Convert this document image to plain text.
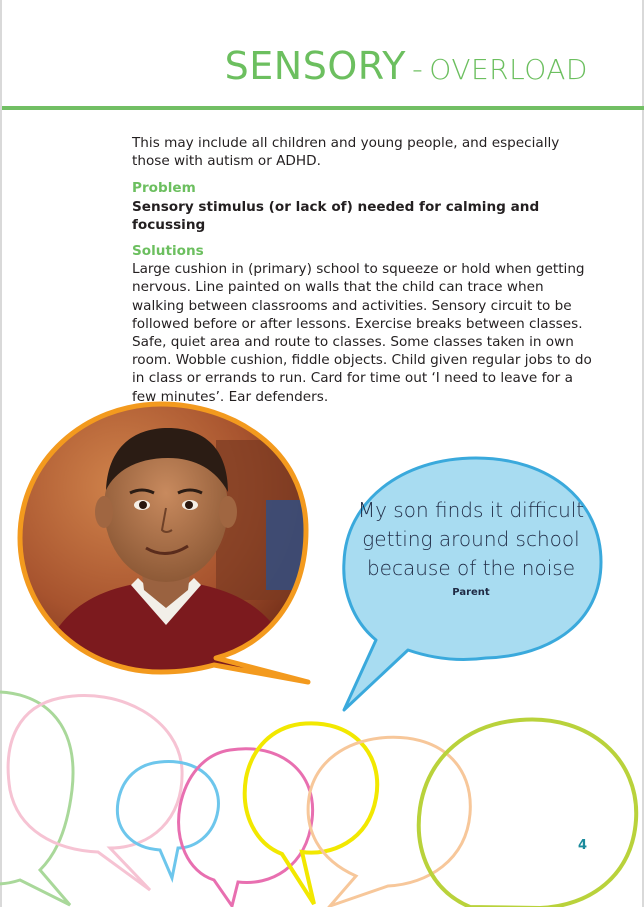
SENSORY - OVERLOAD

This may include all children and young people, and especially those with autism or ADHD.

Problem

Sensory stimulus (or lack of) needed for calming and focussing

Solutions

Large cushion in (primary) school to squeeze or hold when getting nervous. Line painted on walls that the child can trace when walking between classrooms and activities. Sensory circuit to be followed before or after lessons. Exercise breaks between classes. Safe, quiet area and route to classes. Some classes taken in own room. Wobble cushion, fiddle objects. Child given regular jobs to do in class or errands to run. Card for time out ‘I need to leave for a few minutes’. Ear defenders.

My son finds it difficult getting around school because of the noise

Parent
4
